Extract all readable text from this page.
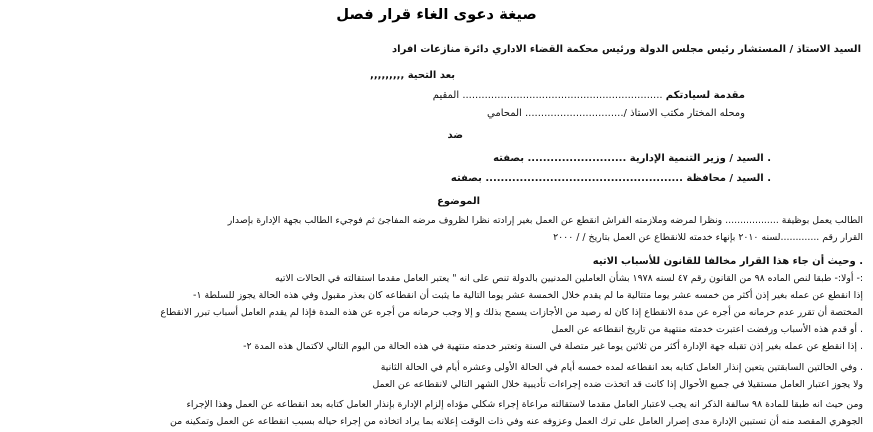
صيغة دعوى الغاء قرار فصل
السيد الاستاذ / المستشار رئيس مجلس الدولة ورئيس محكمة القضاء الاداري دائرة منازعات افراد
بعد التحية ,,,,,,,,,
مقدمة لسيادتكم ............................................................... المقيم
ومحله المختار مكتب الاستاذ /............................... المحامي
ضد
. السيد / وزير التنمية الإدارية .......................... بصفته
. السيد / محافظة .................................................... بصفته
الموضوع
الطالب يعمل بوظيفة .................. ونظرا لمرضه وملازمته الفراش انقطع عن العمل بغير إرادته نظرا لظروف مرضه المفاجئ ثم فوجيء الطالب بجهة الإدارة بإصدار
القرار رقم .............لسنه ٢٠١٠ بإنهاء خدمته للانقطاع عن العمل بتاريخ / / ٢٠٠٠
. وحيث أن جاء هذا القرار مخالفا للقانون للأسباب الاتيه
:- أولا:- طبقا لنص الماده ٩٨ من القانون رقم ٤٧ لسنه ١٩٧٨ بشأن العاملين المدنيين بالدولة تنص على انه " يعتبر العامل مقدما استقالته في الحالات الاتيه
إذا انقطع عن عمله بغير إذن أكثر من خمسه عشر يوما متتالية ما لم يقدم خلال الخمسة عشر يوما التالية ما يثبت أن انقطاعه كان بعذر مقبول وفي هذه الحالة يجوز للسلطة ١-
المختصة أن تقرر عدم حرمانه من أجره عن مدة الانقطاع إذا كان له رصيد من الأجازات يسمح بذلك و إلا وجب حرمانه من أجره عن هذه المدة فإذا لم يقدم العامل أسباب تبرر الانقطاع
. أو قدم هذه الأسباب ورفضت اعتبرت خدمته منتهية من تاريخ انقطاعه عن العمل
. إذا انقطع عن عمله بغير إذن تقبله جهة الإدارة أكثر من ثلاثين يوما غير متصلة في السنة وتعتبر خدمته منتهية في هذه الحالة من اليوم التالي لاكتمال هذه المدة ٢-
. وفي الحالتين السابقتين يتعين إنذار العامل كتابه بعد انقطاعه لمده خمسه أيام في الحالة الأولى وعشره أيام في الحالة الثانية
ولا يجوز اعتبار العامل مستقيلا في جميع الأحوال إذا كانت قد اتخذت ضده إجراءات تأديبية خلال الشهر التالي لانقطاعه عن العمل
ومن حيث انه طبقا للمادة ٩٨ سالفة الذكر انه يجب لاعتبار العامل مقدما لاستقالته مراعاة إجراء شكلي مؤداه إلزام الإدارة بإنذار العامل كتابه بعد انقطاعه عن العمل وهذا الإجراء
الجوهري المقصد منه أن تستبين الإدارة مدى إصرار العامل على ترك العمل وعزوفه عنه وفي ذات الوقت إعلانه بما يراد اتخاذه من إجراء حياله بسبب انقطاعه عن العمل وتمكينه من
